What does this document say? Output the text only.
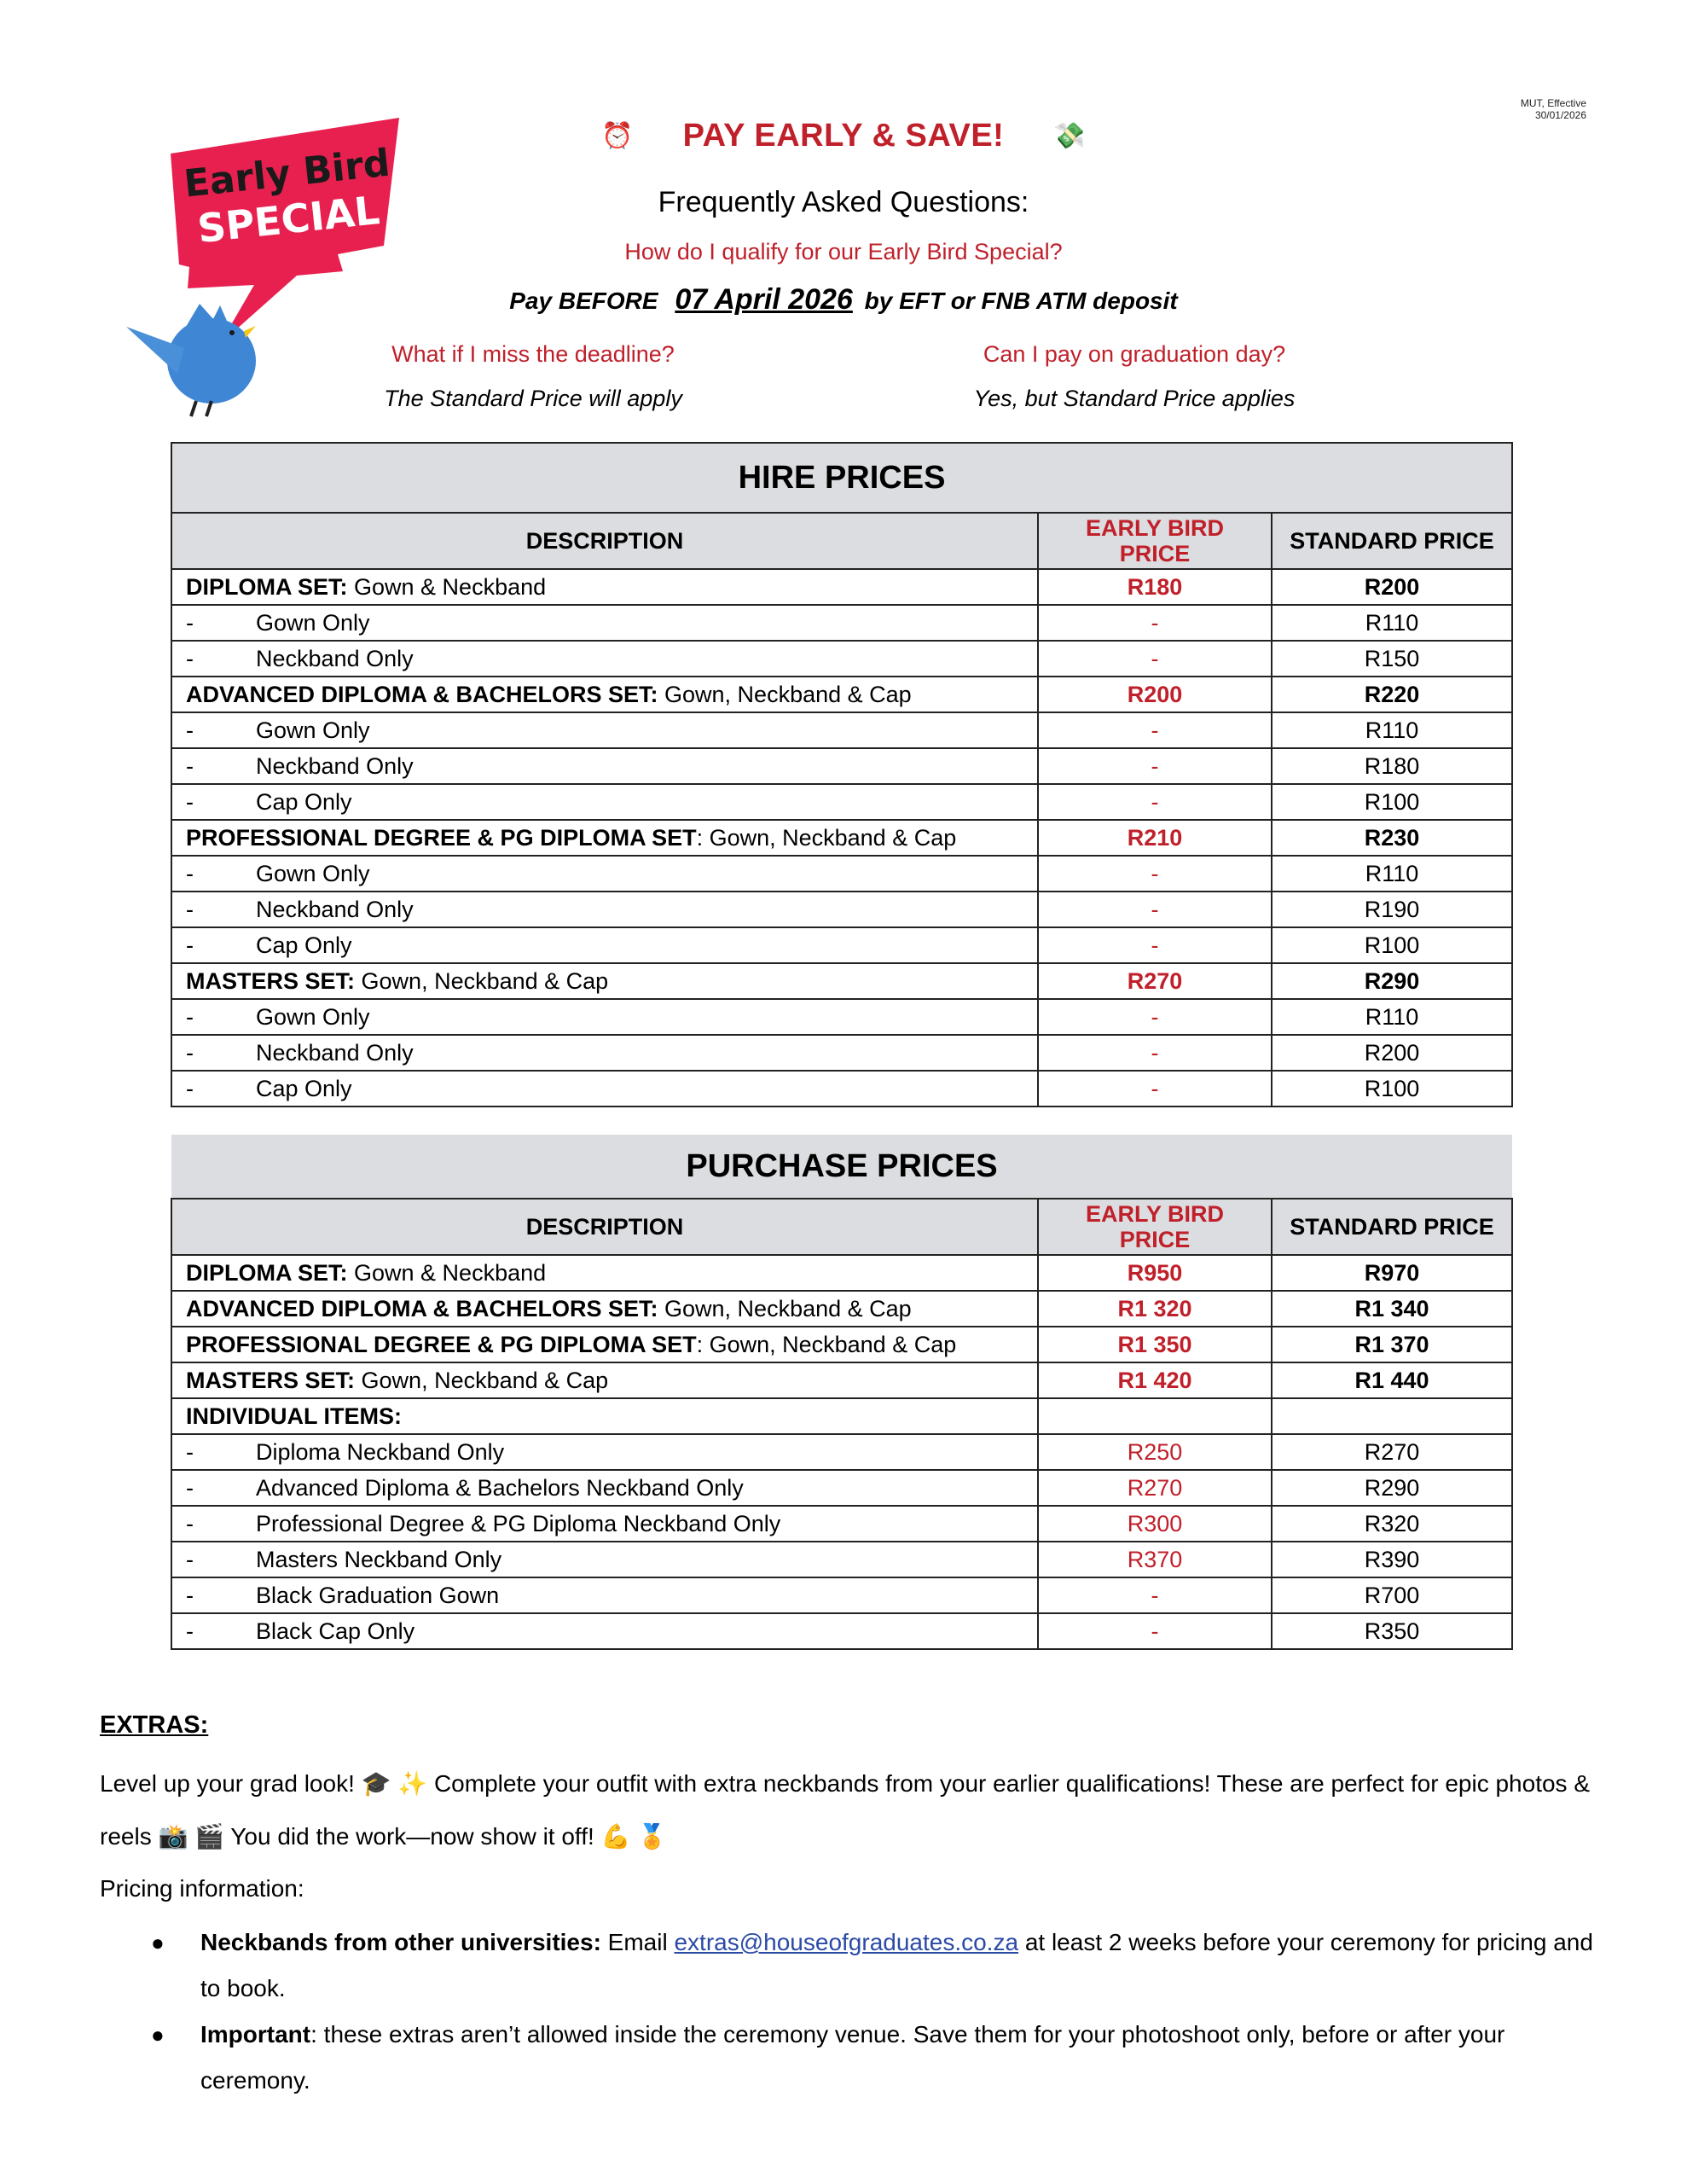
MUT, Effective
30/01/2026
Early Bird
SPECIAL
⏰ PAY EARLY & SAVE! 💸
Frequently Asked Questions:
How do I qualify for our Early Bird Special?
Pay BEFORE 07 April 2026 by EFT or FNB ATM deposit
What if I miss the deadline?
The Standard Price will apply
Can I pay on graduation day?
Yes, but Standard Price applies
HIRE PRICES		
DESCRIPTION	EARLY BIRD PRICE	STANDARD PRICE
DIPLOMA SET: Gown & Neckband	R180	R200
- Gown Only	-	R110
- Neckband Only	-	R150
ADVANCED DIPLOMA & BACHELORS SET: Gown, Neckband & Cap	R200	R220
- Gown Only	-	R110
- Neckband Only	-	R180
- Cap Only	-	R100
PROFESSIONAL DEGREE & PG DIPLOMA SET: Gown, Neckband & Cap	R210	R230
- Gown Only	-	R110
- Neckband Only	-	R190
- Cap Only	-	R100
MASTERS SET: Gown, Neckband & Cap	R270	R290
- Gown Only	-	R110
- Neckband Only	-	R200
- Cap Only	-	R100
PURCHASE PRICES		
DESCRIPTION	EARLY BIRD PRICE	STANDARD PRICE
DIPLOMA SET: Gown & Neckband	R950	R970
ADVANCED DIPLOMA & BACHELORS SET: Gown, Neckband & Cap	R1 320	R1 340
PROFESSIONAL DEGREE & PG DIPLOMA SET: Gown, Neckband & Cap	R1 350	R1 370
MASTERS SET: Gown, Neckband & Cap	R1 420	R1 440
INDIVIDUAL ITEMS:		
- Diploma Neckband Only	R250	R270
- Advanced Diploma & Bachelors Neckband Only	R270	R290
- Professional Degree & PG Diploma Neckband Only	R300	R320
- Masters Neckband Only	R370	R390
- Black Graduation Gown	-	R700
- Black Cap Only	-	R350
EXTRAS:
Level up your grad look! 🎓 ✨ Complete your outfit with extra neckbands from your earlier qualifications! These are perfect for epic photos & reels 📸 🎬 You did the work—now show it off! 💪 🏅
Pricing information:
● Neckbands from other universities: Email extras@houseofgraduates.co.za at least 2 weeks before your ceremony for pricing and to book.
● Important: these extras aren’t allowed inside the ceremony venue. Save them for your photoshoot only, before or after your ceremony.
